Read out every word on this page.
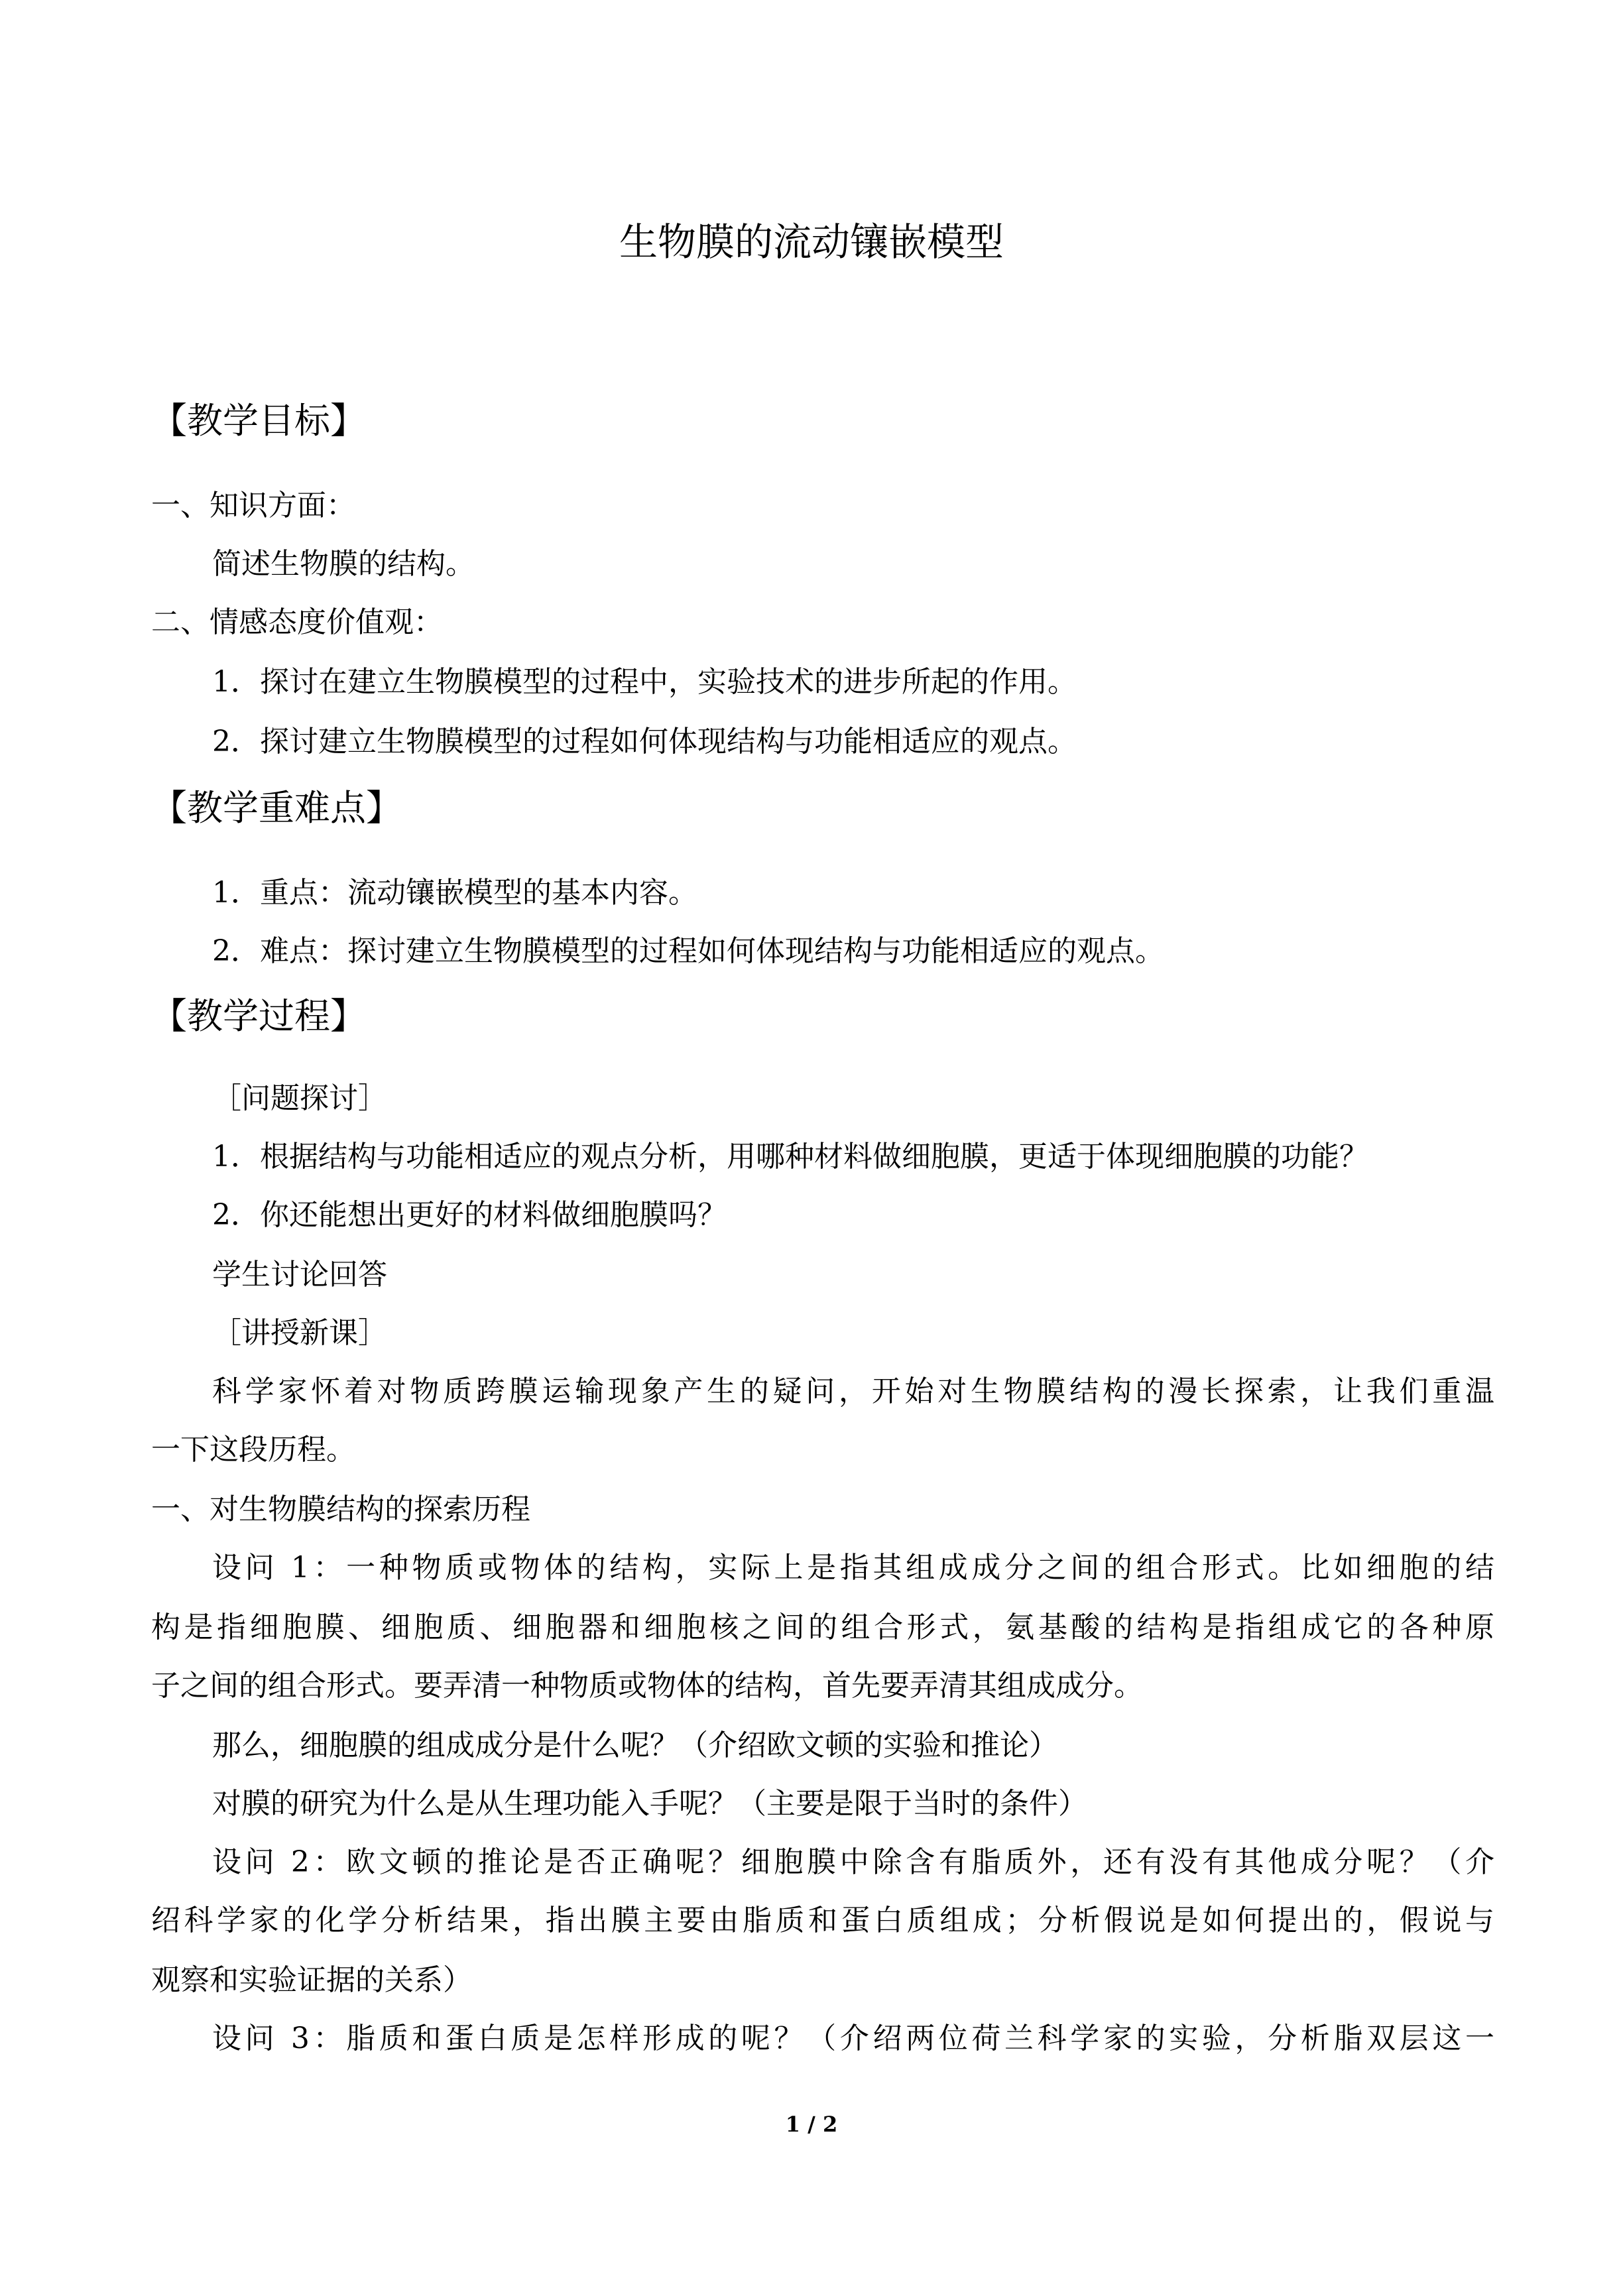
生物膜的流动镶嵌模型
【教学目标】
一、知识方面：
简述生物膜的结构。
二、情感态度价值观：
1．探讨在建立生物膜模型的过程中，实验技术的进步所起的作用。
2．探讨建立生物膜模型的过程如何体现结构与功能相适应的观点。
【教学重难点】
1．重点：流动镶嵌模型的基本内容。
2．难点：探讨建立生物膜模型的过程如何体现结构与功能相适应的观点。
【教学过程】
［问题探讨］
1．根据结构与功能相适应的观点分析，用哪种材料做细胞膜，更适于体现细胞膜的功能？
2．你还能想出更好的材料做细胞膜吗？
学生讨论回答
［讲授新课］
科学家怀着对物质跨膜运输现象产生的疑问，开始对生物膜结构的漫长探索，让我们重温
一下这段历程。
一、对生物膜结构的探索历程
设问 1：一种物质或物体的结构，实际上是指其组成成分之间的组合形式。比如细胞的结
构是指细胞膜、细胞质、细胞器和细胞核之间的组合形式，氨基酸的结构是指组成它的各种原
子之间的组合形式。要弄清一种物质或物体的结构，首先要弄清其组成成分。
那么，细胞膜的组成成分是什么呢？（介绍欧文顿的实验和推论）
对膜的研究为什么是从生理功能入手呢？（主要是限于当时的条件）
设问 2：欧文顿的推论是否正确呢？细胞膜中除含有脂质外，还有没有其他成分呢？（介
绍科学家的化学分析结果，指出膜主要由脂质和蛋白质组成；分析假说是如何提出的，假说与
观察和实验证据的关系）
设问 3：脂质和蛋白质是怎样形成的呢？（介绍两位荷兰科学家的实验，分析脂双层这一
1 / 2
